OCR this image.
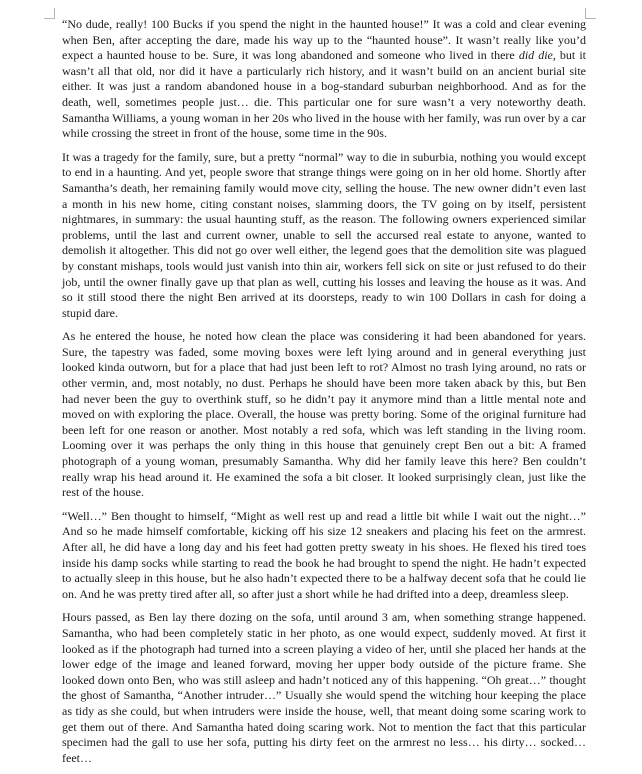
“No dude, really! 100 Bucks if you spend the night in the haunted house!” It was a cold and clear evening when Ben, after accepting the dare, made his way up to the “haunted house”. It wasn’t really like you’d expect a haunted house to be. Sure, it was long abandoned and someone who lived in there did die, but it wasn’t all that old, nor did it have a particularly rich history, and it wasn’t build on an ancient burial site either. It was just a random abandoned house in a bog-standard suburban neighborhood. And as for the death, well, sometimes people just… die. This particular one for sure wasn’t a very noteworthy death. Samantha Williams, a young woman in her 20s who lived in the house with her family, was run over by a car while crossing the street in front of the house, some time in the 90s.

It was a tragedy for the family, sure, but a pretty “normal” way to die in suburbia, nothing you would except to end in a haunting. And yet, people swore that strange things were going on in her old home. Shortly after Samantha’s death, her remaining family would move city, selling the house. The new owner didn’t even last a month in his new home, citing constant noises, slamming doors, the TV going on by itself, persistent nightmares, in summary: the usual haunting stuff, as the reason. The following owners experienced similar problems, until the last and current owner, unable to sell the accursed real estate to anyone, wanted to demolish it altogether. This did not go over well either, the legend goes that the demolition site was plagued by constant mishaps, tools would just vanish into thin air, workers fell sick on site or just refused to do their job, until the owner finally gave up that plan as well, cutting his losses and leaving the house as it was. And so it still stood there the night Ben arrived at its doorsteps, ready to win 100 Dollars in cash for doing a stupid dare.

As he entered the house, he noted how clean the place was considering it had been abandoned for years. Sure, the tapestry was faded, some moving boxes were left lying around and in general everything just looked kinda outworn, but for a place that had just been left to rot? Almost no trash lying around, no rats or other vermin, and, most notably, no dust. Perhaps he should have been more taken aback by this, but Ben had never been the guy to overthink stuff, so he didn’t pay it anymore mind than a little mental note and moved on with exploring the place. Overall, the house was pretty boring. Some of the original furniture had been left for one reason or another. Most notably a red sofa, which was left standing in the living room. Looming over it was perhaps the only thing in this house that genuinely crept Ben out a bit: A framed photograph of a young woman, presumably Samantha. Why did her family leave this here? Ben couldn’t really wrap his head around it. He examined the sofa a bit closer. It looked surprisingly clean, just like the rest of the house.

“Well…” Ben thought to himself, “Might as well rest up and read a little bit while I wait out the night…” And so he made himself comfortable, kicking off his size 12 sneakers and placing his feet on the armrest. After all, he did have a long day and his feet had gotten pretty sweaty in his shoes. He flexed his tired toes inside his damp socks while starting to read the book he had brought to spend the night. He hadn’t expected to actually sleep in this house, but he also hadn’t expected there to be a halfway decent sofa that he could lie on. And he was pretty tired after all, so after just a short while he had drifted into a deep, dreamless sleep.

Hours passed, as Ben lay there dozing on the sofa, until around 3 am, when something strange happened. Samantha, who had been completely static in her photo, as one would expect, suddenly moved. At first it looked as if the photograph had turned into a screen playing a video of her, until she placed her hands at the lower edge of the image and leaned forward, moving her upper body outside of the picture frame. She looked down onto Ben, who was still asleep and hadn’t noticed any of this happening. “Oh great…” thought the ghost of Samantha, “Another intruder…” Usually she would spend the witching hour keeping the place as tidy as she could, but when intruders were inside the house, well, that meant doing some scaring work to get them out of there. And Samantha hated doing scaring work. Not to mention the fact that this particular specimen had the gall to use her sofa, putting his dirty feet on the armrest no less… his dirty… socked… feet…
